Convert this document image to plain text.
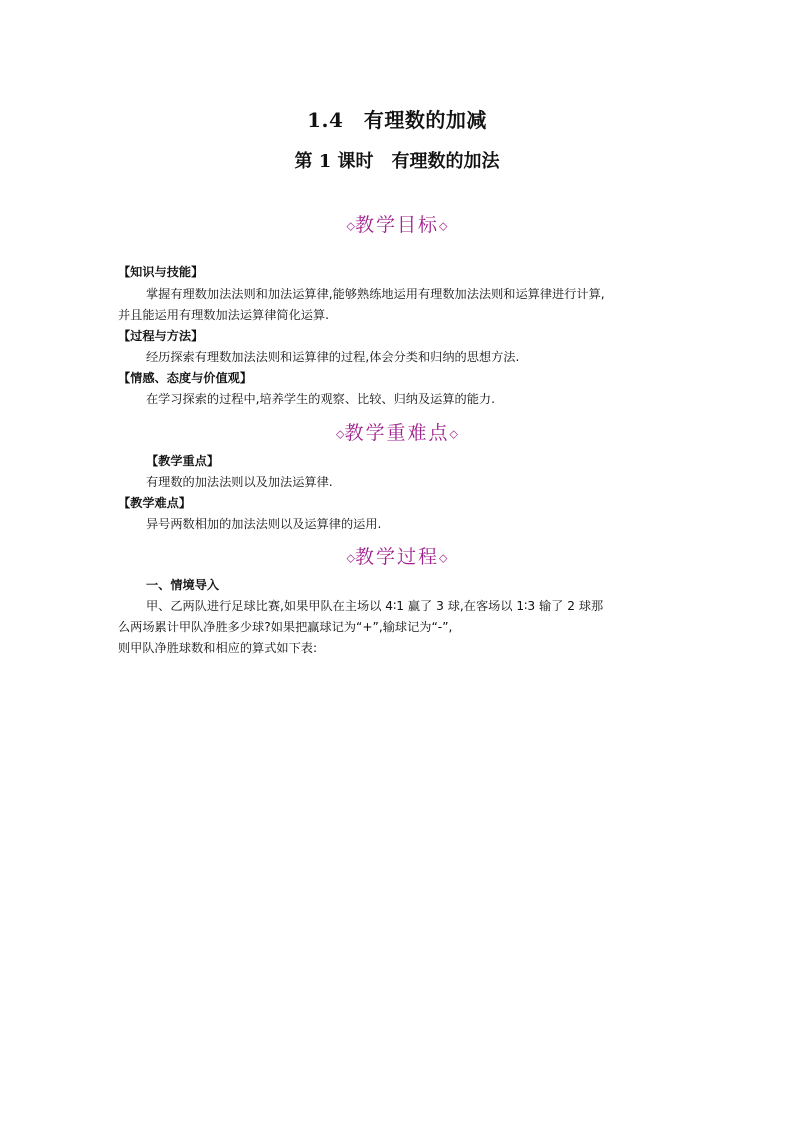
1.4　有理数的加减
第 1 课时　有理数的加法
◇教学目标◇
【知识与技能】
掌握有理数加法法则和加法运算律,能够熟练地运用有理数加法法则和运算律进行计算,
并且能运用有理数加法运算律简化运算.
【过程与方法】
经历探索有理数加法法则和运算律的过程,体会分类和归纳的思想方法.
【情感、态度与价值观】
在学习探索的过程中,培养学生的观察、比较、归纳及运算的能力.
◇教学重难点◇
【教学重点】
有理数的加法法则以及加法运算律.
【教学难点】
异号两数相加的加法法则以及运算律的运用.
◇教学过程◇
一、情境导入
甲、乙两队进行足球比赛,如果甲队在主场以 4∶1 赢了 3 球,在客场以 1∶3 输了 2 球那
么两场累计甲队净胜多少球?如果把赢球记为“+”,输球记为“-”,
则甲队净胜球数和相应的算式如下表:
